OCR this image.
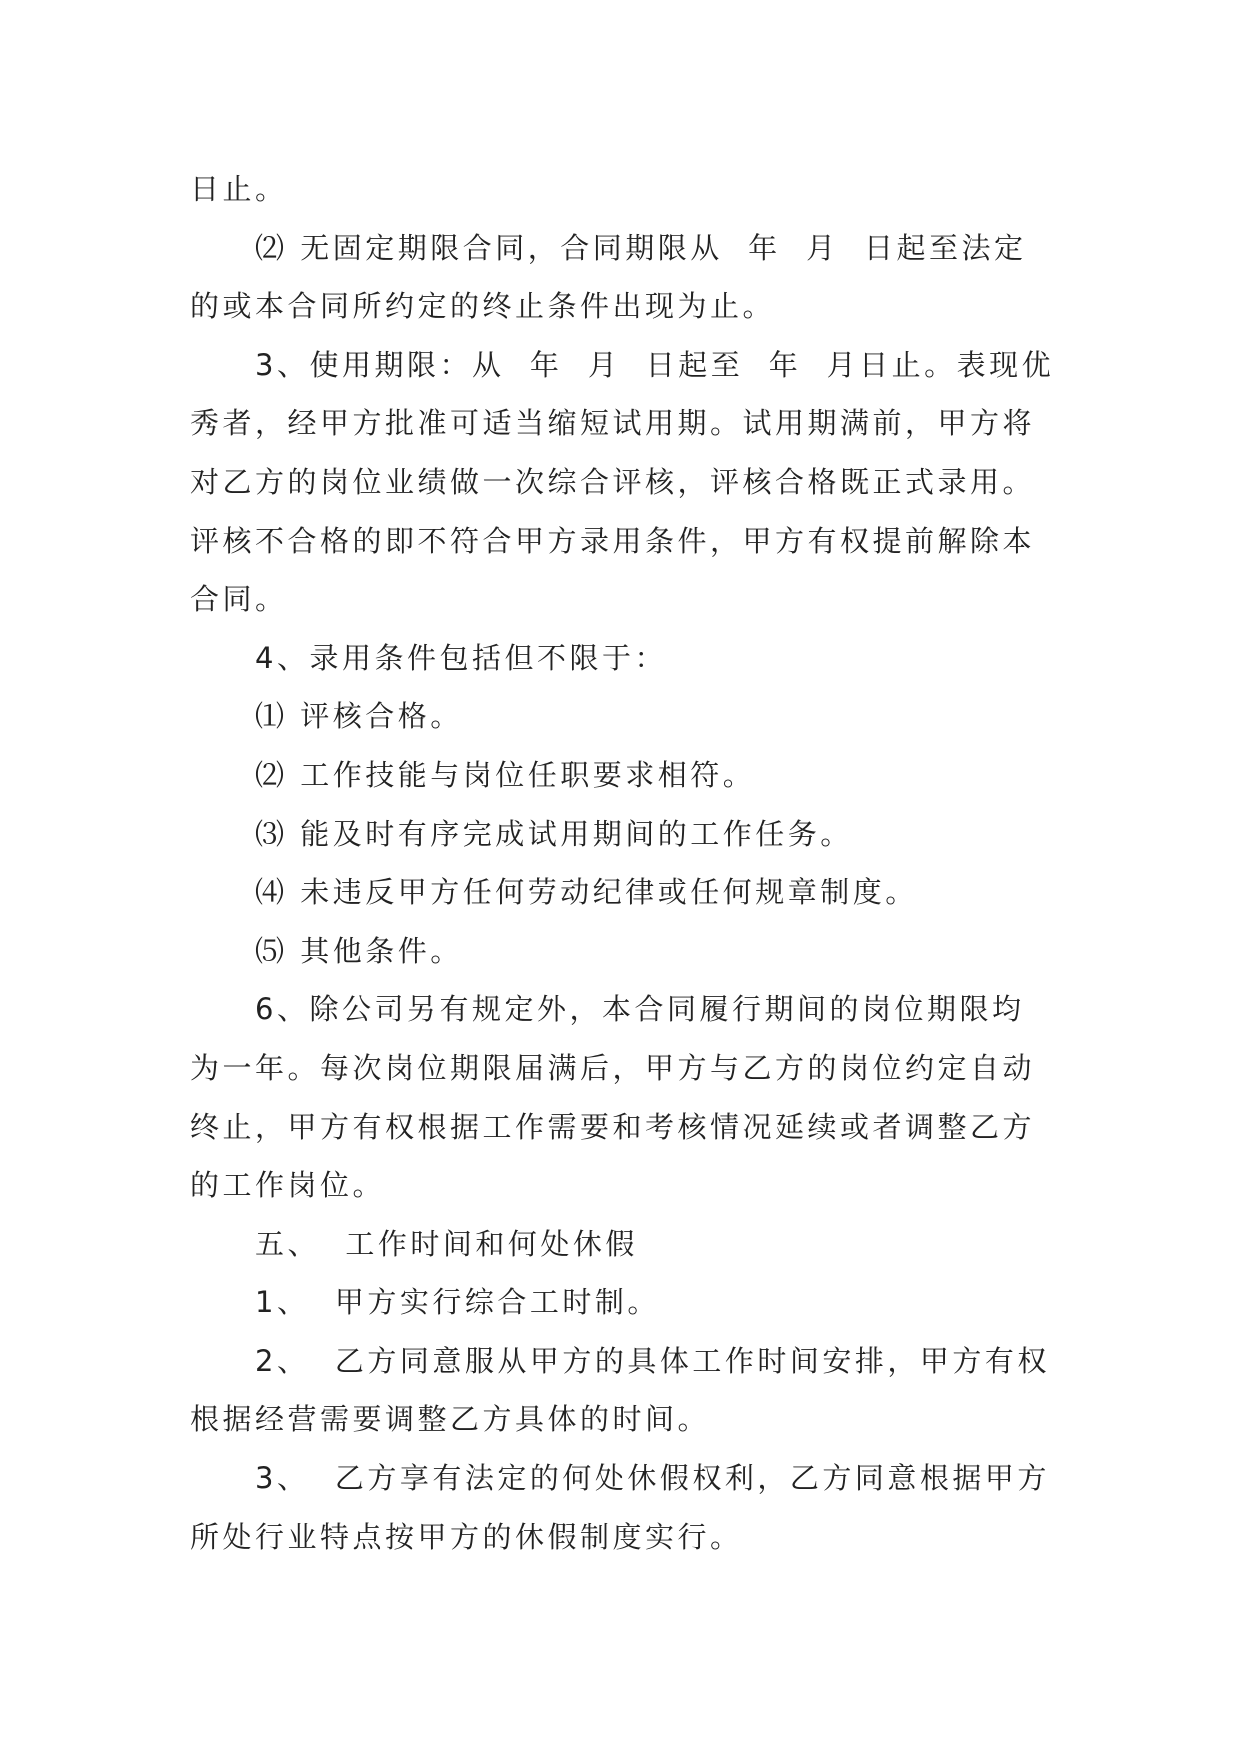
日止。

⑵ 无固定期限合同，合同期限从  年  月  日起至法定的或本合同所约定的终止条件出现为止。

3、使用期限：从  年  月  日起至  年  月日止。表现优秀者，经甲方批准可适当缩短试用期。试用期满前，甲方将对乙方的岗位业绩做一次综合评核，评核合格既正式录用。评核不合格的即不符合甲方录用条件，甲方有权提前解除本合同。

4、录用条件包括但不限于：

⑴ 评核合格。

⑵ 工作技能与岗位任职要求相符。

⑶ 能及时有序完成试用期间的工作任务。

⑷ 未违反甲方任何劳动纪律或任何规章制度。

⑸ 其他条件。

6、除公司另有规定外，本合同履行期间的岗位期限均为一年。每次岗位期限届满后，甲方与乙方的岗位约定自动终止，甲方有权根据工作需要和考核情况延续或者调整乙方的工作岗位。

五、  工作时间和何处休假

1、  甲方实行综合工时制。

2、  乙方同意服从甲方的具体工作时间安排，甲方有权根据经营需要调整乙方具体的时间。

3、  乙方享有法定的何处休假权利，乙方同意根据甲方所处行业特点按甲方的休假制度实行。
